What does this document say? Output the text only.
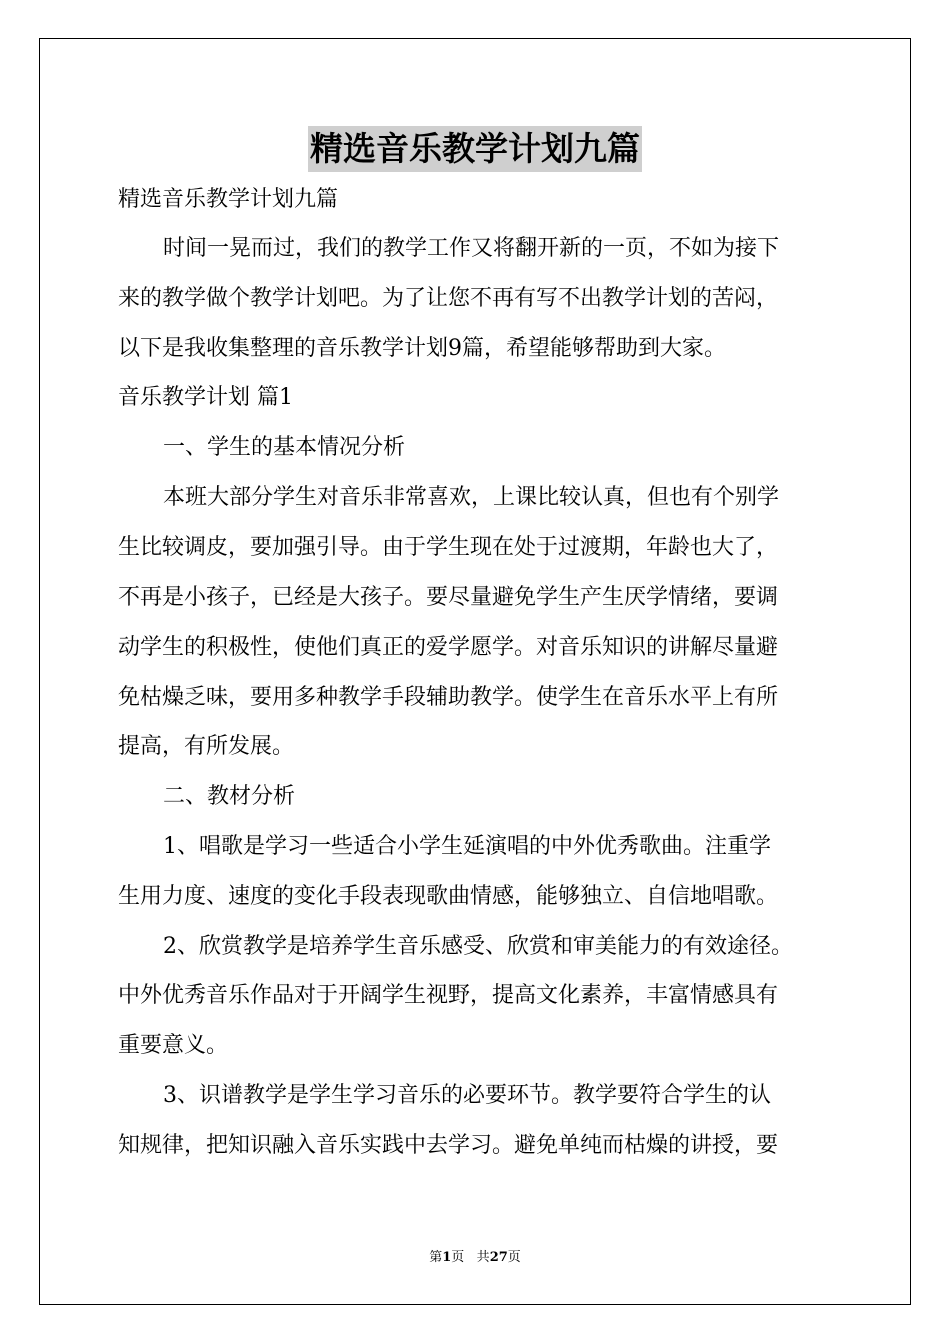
精选音乐教学计划九篇
精选音乐教学计划九篇
时间一晃而过，我们的教学工作又将翻开新的一页，不如为接下
来的教学做个教学计划吧。为了让您不再有写不出教学计划的苦闷，
以下是我收集整理的音乐教学计划9篇，希望能够帮助到大家。
音乐教学计划 篇1
一、学生的基本情况分析
本班大部分学生对音乐非常喜欢，上课比较认真，但也有个别学
生比较调皮，要加强引导。由于学生现在处于过渡期，年龄也大了，
不再是小孩子，已经是大孩子。要尽量避免学生产生厌学情绪，要调
动学生的积极性，使他们真正的爱学愿学。对音乐知识的讲解尽量避
免枯燥乏味，要用多种教学手段辅助教学。使学生在音乐水平上有所
提高，有所发展。
二、教材分析
1、唱歌是学习一些适合小学生延演唱的中外优秀歌曲。注重学
生用力度、速度的变化手段表现歌曲情感，能够独立、自信地唱歌。
2、欣赏教学是培养学生音乐感受、欣赏和审美能力的有效途径。
中外优秀音乐作品对于开阔学生视野，提高文化素养，丰富情感具有
重要意义。
3、识谱教学是学生学习音乐的必要环节。教学要符合学生的认
知规律，把知识融入音乐实践中去学习。避免单纯而枯燥的讲授，要
第1页 共27页
